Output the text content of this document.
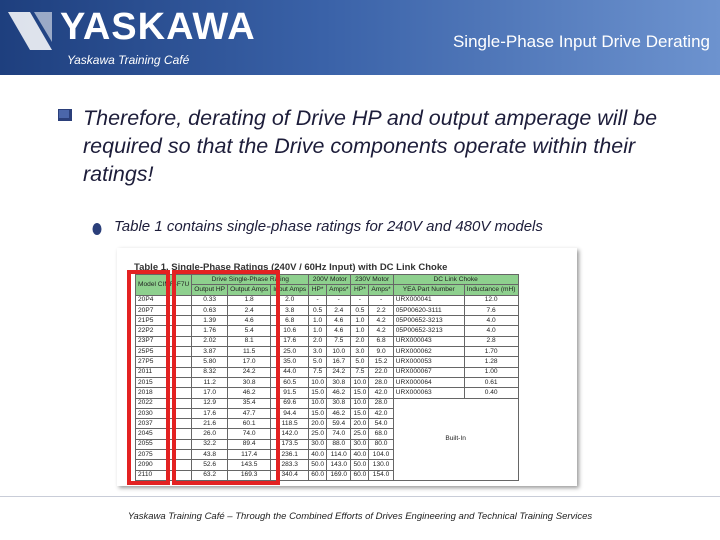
YASKAWA
Yaskawa Training Café
Single-Phase Input Drive Derating
Therefore, derating of Drive HP and output amperage will be required so that the Drive components operate within their ratings!
Table 1 contains single-phase ratings for 240V and 480V models
Table 1. Single-Phase Ratings (240V / 60Hz Input) with DC Link Choke
Model CIMR-F7U	Drive Single-Phase Rating			200V Motor		230V Motor		DC Link Choke	
	Output HP	Output Amps	Input Amps	HP*	Amps*	HP*	Amps*	YEA Part Number	Inductance (mH)
20P4	0.33	1.8	2.0	-	-	-	-	URX000041	12.0
20P7	0.63	2.4	3.8	0.5	2.4	0.5	2.2	05P00620-3111	7.6
21P5	1.39	4.6	6.8	1.0	4.6	1.0	4.2	05P00652-3213	4.0
22P2	1.76	5.4	10.6	1.0	4.6	1.0	4.2	05P00652-3213	4.0
23P7	2.02	8.1	17.6	2.0	7.5	2.0	6.8	URX000043	2.8
25P5	3.87	11.5	25.0	3.0	10.0	3.0	9.0	URX000062	1.70
27P5	5.80	17.0	35.0	5.0	16.7	5.0	15.2	URX000053	1.28
2011	8.32	24.2	44.0	7.5	24.2	7.5	22.0	URX000067	1.00
2015	11.2	30.8	60.5	10.0	30.8	10.0	28.0	URX000064	0.61
2018	17.0	46.2	91.5	15.0	46.2	15.0	42.0	URX000063	0.40
2022	12.9	35.4	69.6	10.0	30.8	10.0	28.0	Built-In	
2030	17.6	47.7	94.4	15.0	46.2	15.0	42.0		
2037	21.6	60.1	118.5	20.0	59.4	20.0	54.0		
2045	26.0	74.0	142.0	25.0	74.0	25.0	68.0		
2055	32.2	89.4	173.5	30.0	88.0	30.0	80.0		
2075	43.8	117.4	236.1	40.0	114.0	40.0	104.0		
2090	52.6	143.5	283.3	50.0	143.0	50.0	130.0		
2110	63.2	169.3	340.4	60.0	169.0	60.0	154.0		
Yaskawa Training Café – Through the Combined Efforts of Drives Engineering and Technical Training Services
